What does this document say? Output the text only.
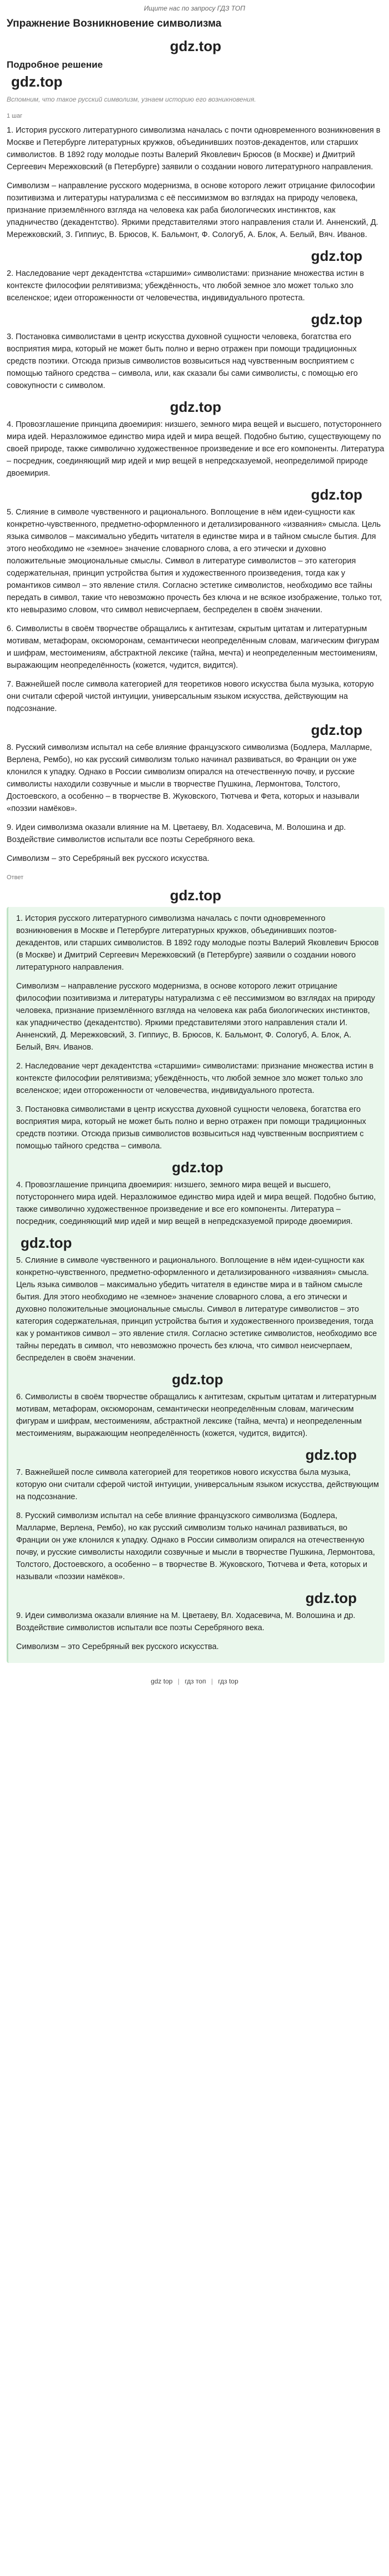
Ищите нас по запросу ГДЗ ТОП
Упражнение Возникновение символизма
gdz.top
Подробное решение
gdz.top
Вспомним, что такое русский символизм, узнаем историю его возникновения.
1 шаг
1. История русского литературного символизма началась с почти одновременного возникновения в Москве и Петербурге литературных кружков, объединивших поэтов-декадентов, или старших символистов. В 1892 году молодые поэты Валерий Яковлевич Брюсов (в Москве) и Дмитрий Сергеевич Мережковский (в Петербурге) заявили о создании нового литературного направления.
Символизм – направление русского модернизма, в основе которого лежит отрицание философии позитивизма и литературы натурализма с её пессимизмом во взглядах на природу человека, признание приземлённого взгляда на человека как раба биологических инстинктов, как упадничество (декадентство). Яркими представителями этого направления стали И. Анненский, Д. Мережковский, З. Гиппиус, В. Брюсов, К. Бальмонт, Ф. Сологуб, А. Блок, А. Белый, Вяч. Иванов.
gdz.top
2. Наследование черт декадентства «старшими» символистами: признание множества истин в контексте философии релятивизма; убеждённость, что любой земное зло может только зло вселенское; идеи отгороженности от человечества, индивидуального протеста.
gdz.top
3. Постановка символистами в центр искусства духовной сущности человека, богатства его восприятия мира, который не может быть полно и верно отражен при помощи традиционных средств поэтики. Отсюда призыв символистов возвыситься над чувственным восприятием с помощью тайного средства – символа, или, как сказали бы сами символисты, с помощью его совокупности с символом.
gdz.top
4. Провозглашение принципа двоемирия: низшего, земного мира вещей и высшего, потустороннего мира идей. Неразложимое единство мира идей и мира вещей. Подобно бытию, существующему по своей природе, также символично художественное произведение и все его компоненты. Литература – посредник, соединяющий мир идей и мир вещей в непредсказуемой, неопределимой природе двоемирия.
gdz.top
5. Слияние в символе чувственного и рационального. Воплощение в нём идеи-сущности как конкретно-чувственного, предметно-оформленного и детализированного «изваяния» смысла. Цель языка символов – максимально убедить читателя в единстве мира и в тайном смысле бытия. Для этого необходимо не «земное» значение словарного слова, а его этически и духовно положительные эмоциональные смыслы. Символ в литературе символистов – это категория содержательная, принцип устройства бытия и художественного произведения, тогда как у романтиков символ – это явление стиля. Согласно эстетике символистов, необходимо все тайны передать в символ, такие что невозможно прочесть без ключа и не всякое изображение, только тот, кто невыразимо словом, что символ невисчерпаем, беспределен в своём значении.
6. Символисты в своём творчестве обращались к антитезам, скрытым цитатам и литературным мотивам, метафорам, оксюморонам, семантически неопределённым словам, магическим фигурам и шифрам, местоимениям, абстрактной лексике (тайна, мечта) и неопределенным местоимениям, выражающим неопределённость (кожется, чудится, видится).
7. Важнейшей после символа категорией для теоретиков нового искусства была музыка, которую они считали сферой чистой интуиции, универсальным языком искусства, действующим на подсознание.
gdz.top
8. Русский символизм испытал на себе влияние французского символизма (Бодлера, Малларме, Верлена, Рембо), но как русский символизм только начинал развиваться, во Франции он уже клонился к упадку. Однако в России символизм опирался на отечественную почву, и русские символисты находили созвучные и мысли в творчестве Пушкина, Лермонтова, Толстого, Достоевского, а особенно – в творчестве В. Жуковского, Тютчева и Фета, которых и называли «поэзии намёков».
9. Идеи символизма оказали влияние на М. Цветаеву, Вл. Ходасевича, М. Волошина и др. Воздействие символистов испытали все поэты Серебряного века.
Символизм – это Серебряный век русского искусства.
Ответ
gdz.top
1. История русского литературного символизма началась с почти одновременного возникновения в Москве и Петербурге литературных кружков, объединивших поэтов-декадентов, или старших символистов. В 1892 году молодые поэты Валерий Яковлевич Брюсов (в Москве) и Дмитрий Сергеевич Мережковский (в Петербурге) заявили о создании нового литературного направления.
Символизм – направление русского модернизма, в основе которого лежит отрицание философии позитивизма и литературы натурализма с её пессимизмом во взглядах на природу человека, признание приземлённого взгляда на человека как раба биологических инстинктов, как упадничество (декадентство). Яркими представителями этого направления стали И. Анненский, Д. Мережковский, З. Гиппиус, В. Брюсов, К. Бальмонт, Ф. Сологуб, А. Блок, А. Белый, Вяч. Иванов.
2. Наследование черт декадентства «старшими» символистами: признание множества истин в контексте философии релятивизма; убеждённость, что любой земное зло может только зло вселенское; идеи отгороженности от человечества, индивидуального протеста.
3. Постановка символистами в центр искусства духовной сущности человека, богатства его восприятия мира, который не может быть полно и верно отражен при помощи традиционных средств поэтики. Отсюда призыв символистов возвыситься над чувственным восприятием с помощью тайного средства – символа.
gdz.top
4. Провозглашение принципа двоемирия: низшего, земного мира вещей и высшего, потустороннего мира идей. Неразложимое единство мира идей и мира вещей. Подобно бытию, также символично художественное произведение и все его компоненты. Литература – посредник, соединяющий мир идей и мир вещей в непредсказуемой природе двоемирия.
gdz.top
5. Слияние в символе чувственного и рационального. Воплощение в нём идеи-сущности как конкретно-чувственного, предметно-оформленного и детализированного «изваяния» смысла. Цель языка символов – максимально убедить читателя в единстве мира и в тайном смысле бытия. Для этого необходимо не «земное» значение словарного слова, а его этически и духовно положительные эмоциональные смыслы. Символ в литературе символистов – это категория содержательная, принцип устройства бытия и художественного произведения, тогда как у романтиков символ – это явление стиля. Согласно эстетике символистов, необходимо все тайны передать в символ, что невозможно прочесть без ключа, что символ неисчерпаем, беспределен в своём значении.
gdz.top
6. Символисты в своём творчестве обращались к антитезам, скрытым цитатам и литературным мотивам, метафорам, оксюморонам, семантически неопределённым словам, магическим фигурам и шифрам, местоимениям, абстрактной лексике (тайна, мечта) и неопределенным местоимениям, выражающим неопределённость (кожется, чудится, видится).
gdz.top
7. Важнейшей после символа категорией для теоретиков нового искусства была музыка, которую они считали сферой чистой интуиции, универсальным языком искусства, действующим на подсознание.
8. Русский символизм испытал на себе влияние французского символизма (Бодлера, Малларме, Верлена, Рембо), но как русский символизм только начинал развиваться, во Франции он уже клонился к упадку. Однако в России символизм опирался на отечественную почву, и русские символисты находили созвучные и мысли в творчестве Пушкина, Лермонтова, Толстого, Достоевского, а особенно – в творчестве В. Жуковского, Тютчева и Фета, которых и называли «поэзии намёков».
gdz.top
9. Идеи символизма оказали влияние на М. Цветаеву, Вл. Ходасевича, М. Волошина и др. Воздействие символистов испытали все поэты Серебряного века.
Символизм – это Серебряный век русского искусства.
gdz top | гдз топ | гдз top
